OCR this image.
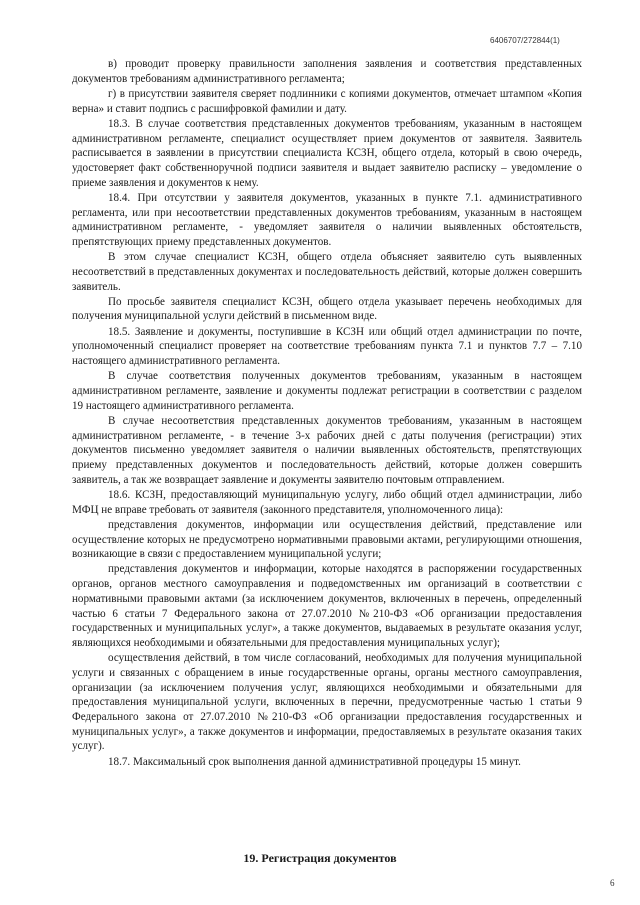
6406707/272844(1)

в) проводит проверку правильности заполнения заявления и соответствия представленных документов требованиям административного регламента;

г) в присутствии заявителя сверяет подлинники с копиями документов, отмечает штампом «Копия верна» и ставит подпись с расшифровкой фамилии и дату.

18.3. В случае соответствия представленных документов требованиям, указанным в настоящем административном регламенте, специалист осуществляет прием документов от заявителя. Заявитель расписывается в заявлении в присутствии специалиста КСЗН, общего отдела, который в свою очередь, удостоверяет факт собственноручной подписи заявителя и выдает заявителю расписку – уведомление о приеме заявления и документов к нему.

18.4. При отсутствии у заявителя документов, указанных в пункте 7.1. административного регламента, или при несоответствии представленных документов требованиям, указанным в настоящем административном регламенте, - уведомляет заявителя о наличии выявленных обстоятельств, препятствующих приему представленных документов.

В этом случае специалист КСЗН, общего отдела объясняет заявителю суть выявленных несоответствий в представленных документах и последовательность действий, которые должен совершить заявитель.

По просьбе заявителя специалист КСЗН, общего отдела указывает перечень необходимых для получения муниципальной услуги действий в письменном виде.

18.5. Заявление и документы, поступившие в КСЗН или общий отдел администрации по почте, уполномоченный специалист проверяет на соответствие требованиям пункта 7.1 и пунктов 7.7 – 7.10 настоящего административного регламента.

В случае соответствия полученных документов требованиям, указанным в настоящем административном регламенте, заявление и документы подлежат регистрации в соответствии с разделом 19 настоящего административного регламента.

В случае несоответствия представленных документов требованиям, указанным в настоящем административном регламенте, - в течение 3-х рабочих дней с даты получения (регистрации) этих документов письменно уведомляет заявителя о наличии выявленных обстоятельств, препятствующих приему представленных документов и последовательность действий, которые должен совершить заявитель, а так же возвращает заявление и документы заявителю почтовым отправлением.

18.6. КСЗН, предоставляющий муниципальную услугу, либо общий отдел администрации, либо МФЦ не вправе требовать от заявителя (законного представителя, уполномоченного лица):

представления документов, информации или осуществления действий, представление или осуществление которых не предусмотрено нормативными правовыми актами, регулирующими отношения, возникающие в связи с предоставлением муниципальной услуги;

представления документов и информации, которые находятся в распоряжении государственных органов, органов местного самоуправления и подведомственных им организаций в соответствии с нормативными правовыми актами (за исключением документов, включенных в перечень, определенный частью 6 статьи 7 Федерального закона от 27.07.2010 №210-ФЗ «Об организации предоставления государственных и муниципальных услуг», а также документов, выдаваемых в результате оказания услуг, являющихся необходимыми и обязательными для предоставления муниципальных услуг);

осуществления действий, в том числе согласований, необходимых для получения муниципальной услуги и связанных с обращением в иные государственные органы, органы местного самоуправления, организации (за исключением получения услуг, являющихся необходимыми и обязательными для предоставления муниципальной услуги, включенных в перечни, предусмотренные частью 1 статьи 9 Федерального закона от 27.07.2010 №210-ФЗ «Об организации предоставления государственных и муниципальных услуг», а также документов и информации, предоставляемых в результате оказания таких услуг).

18.7. Максимальный срок выполнения данной административной процедуры 15 минут.

19. Регистрация документов
6
